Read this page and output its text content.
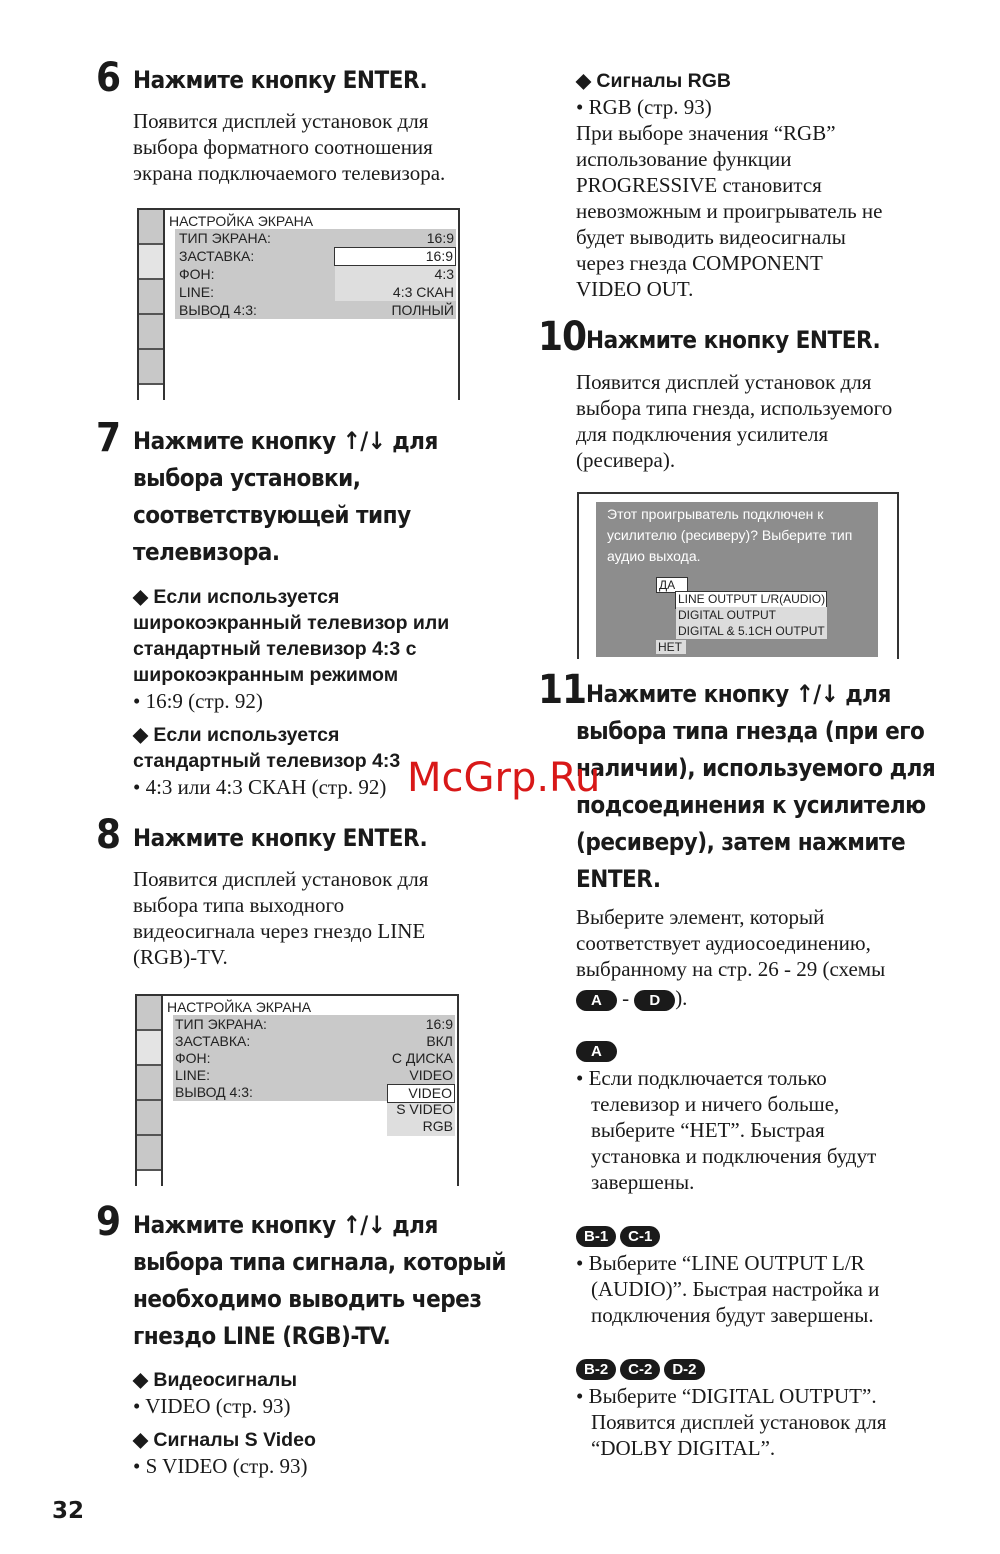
6 Нажмите кнопку ENTER.
Появится дисплей установок для
выбора форматного соотношения
экрана подключаемого телевизора.
НАСТРОЙКА ЭКРАНА
ТИП ЭКРАНА:	16:9
ЗАСТАВКА:	16:9
ФОН:	4:3
LINE:	4:3 СКАН
ВЫВОД 4:3:	ПОЛНЫЙ
7 Нажмите кнопку ↑/↓ для
выбора установки,
соответствующей типу
телевизора.
◆ Если используется
широкоэкранный телевизор или
стандартный телевизор 4:3 с
широкоэкранным режимом
• 16:9 (стр. 92)
◆ Если используется
стандартный телевизор 4:3
• 4:3 или 4:3 СКАН (стр. 92)
8 Нажмите кнопку ENTER.
Появится дисплей установок для
выбора типа выходного
видеосигнала через гнездо LINE
(RGB)-TV.
НАСТРОЙКА ЭКРАНА
ТИП ЭКРАНА:	16:9
ЗАСТАВКА:	ВКЛ
ФОН:	С ДИСКА
LINE:	VIDEO
ВЫВОД 4:3:	VIDEO
S VIDEO
RGB
9 Нажмите кнопку ↑/↓ для
выбора типа сигнала, который
необходимо выводить через
гнездо LINE (RGB)-TV.
◆ Видеосигналы
• VIDEO (стр. 93)
◆ Сигналы S Video
• S VIDEO (стр. 93)
32
◆ Сигналы RGB
• RGB (стр. 93)
При выборе значения “RGB”
использование функции
PROGRESSIVE становится
невозможным и проигрыватель не
будет выводить видеосигналы
через гнезда COMPONENT
VIDEO OUT.
10 Нажмите кнопку ENTER.
Появится дисплей установок для
выбора типа гнезда, используемого
для подключения усилителя
(ресивера).
Этот проигрыватель подключен к
усилителю (ресиверу)? Выберите тип
аудио выхода.
ДА
LINE OUTPUT L/R(AUDIO)
DIGITAL OUTPUT
DIGITAL & 5.1CH OUTPUT
НЕТ
11 Нажмите кнопку ↑/↓ для
выбора типа гнезда (при его
наличии), используемого для
подсоединения к усилителю
(ресиверу), затем нажмите
ENTER.
Выберите элемент, который
соответствует аудиосоединению,
выбранному на стр. 26 - 29 (схемы
A - D ).
A
• Если подключается только
телевизор и ничего больше,
выберите “НЕТ”. Быстрая
установка и подключения будут
завершены.
B-1 C-1
• Выберите “LINE OUTPUT L/R
(AUDIO)”. Быстрая настройка и
подключения будут завершены.
B-2 C-2 D-2
• Выберите “DIGITAL OUTPUT”.
Появится дисплей установок для
“DOLBY DIGITAL”.
McGrp.Ru
